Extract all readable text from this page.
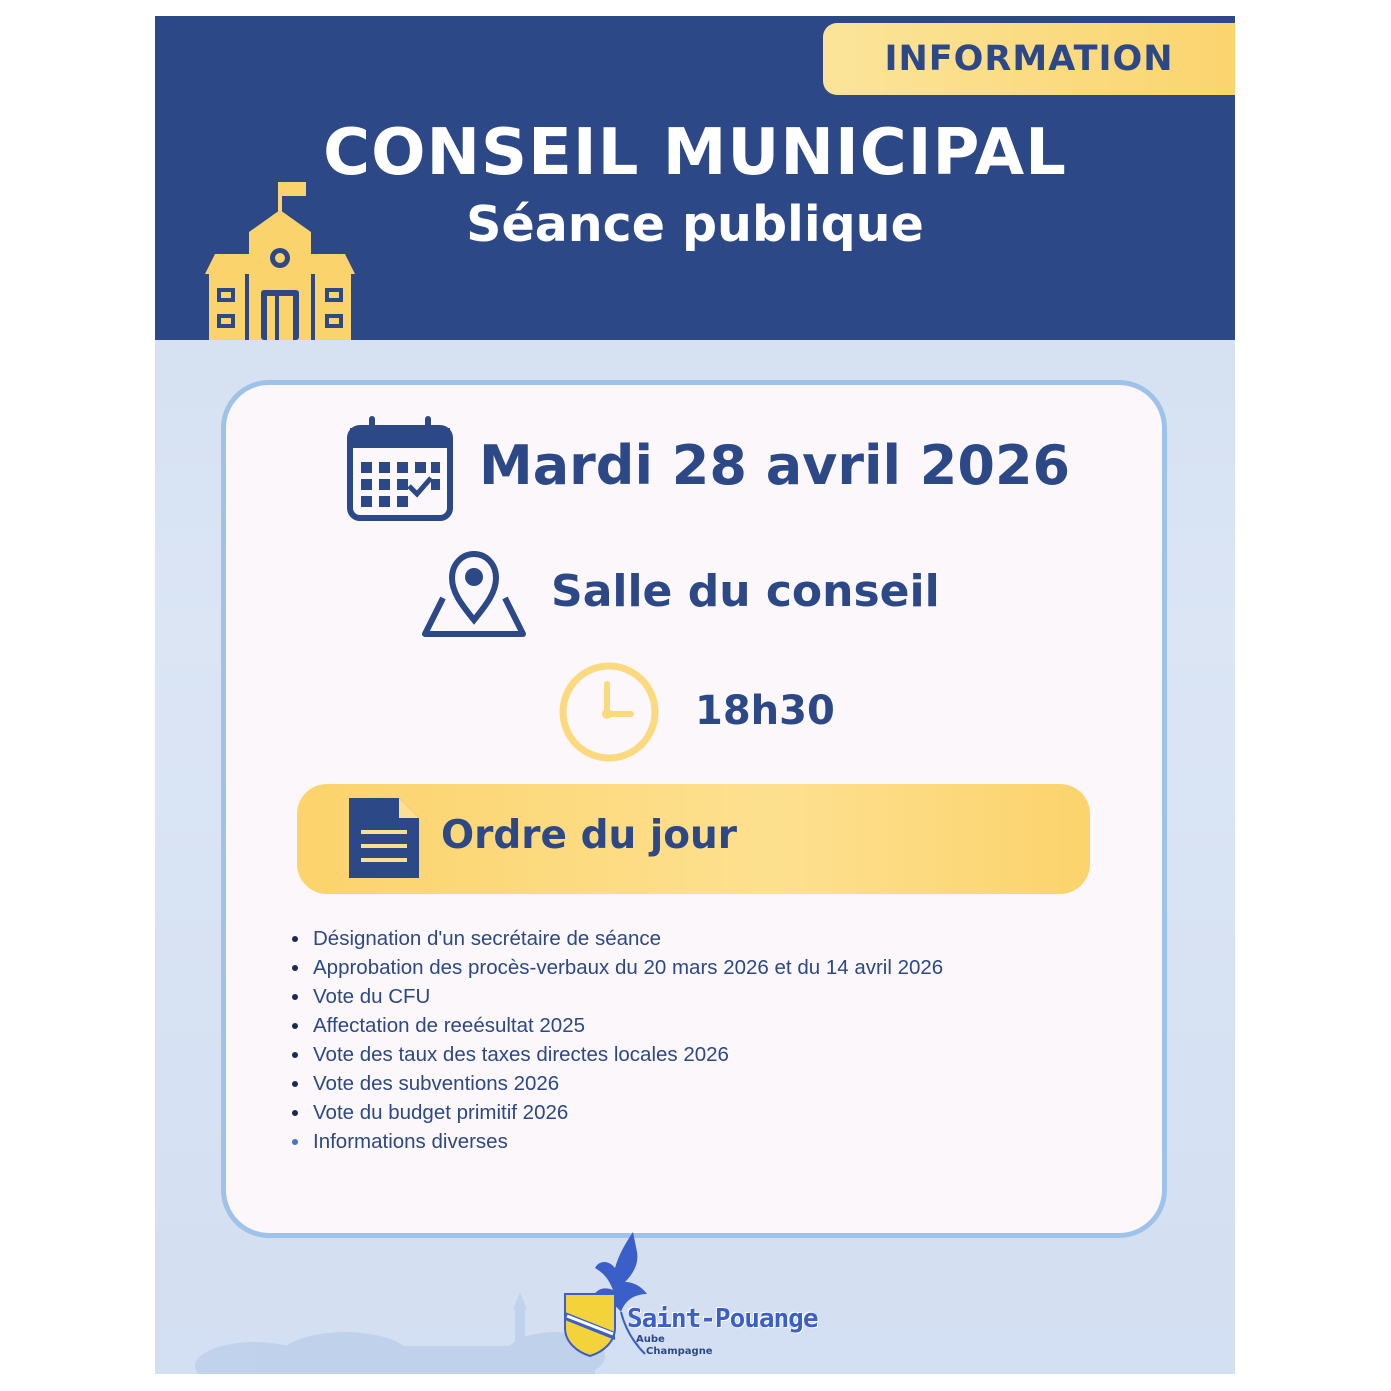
INFORMATION
CONSEIL MUNICIPAL
Séance publique
Mardi 28 avril 2026
Salle du conseil
18h30
Ordre du jour
• Désignation d'un secrétaire de séance
• Approbation des procès-verbaux du 20 mars 2026 et du 14 avril 2026
• Vote du CFU
• Affectation de reeésultat 2025
• Vote des taux des taxes directes locales 2026
• Vote des subventions 2026
• Vote du budget primitif 2026
• Informations diverses
Saint-Pouange
Aube
Champagne
